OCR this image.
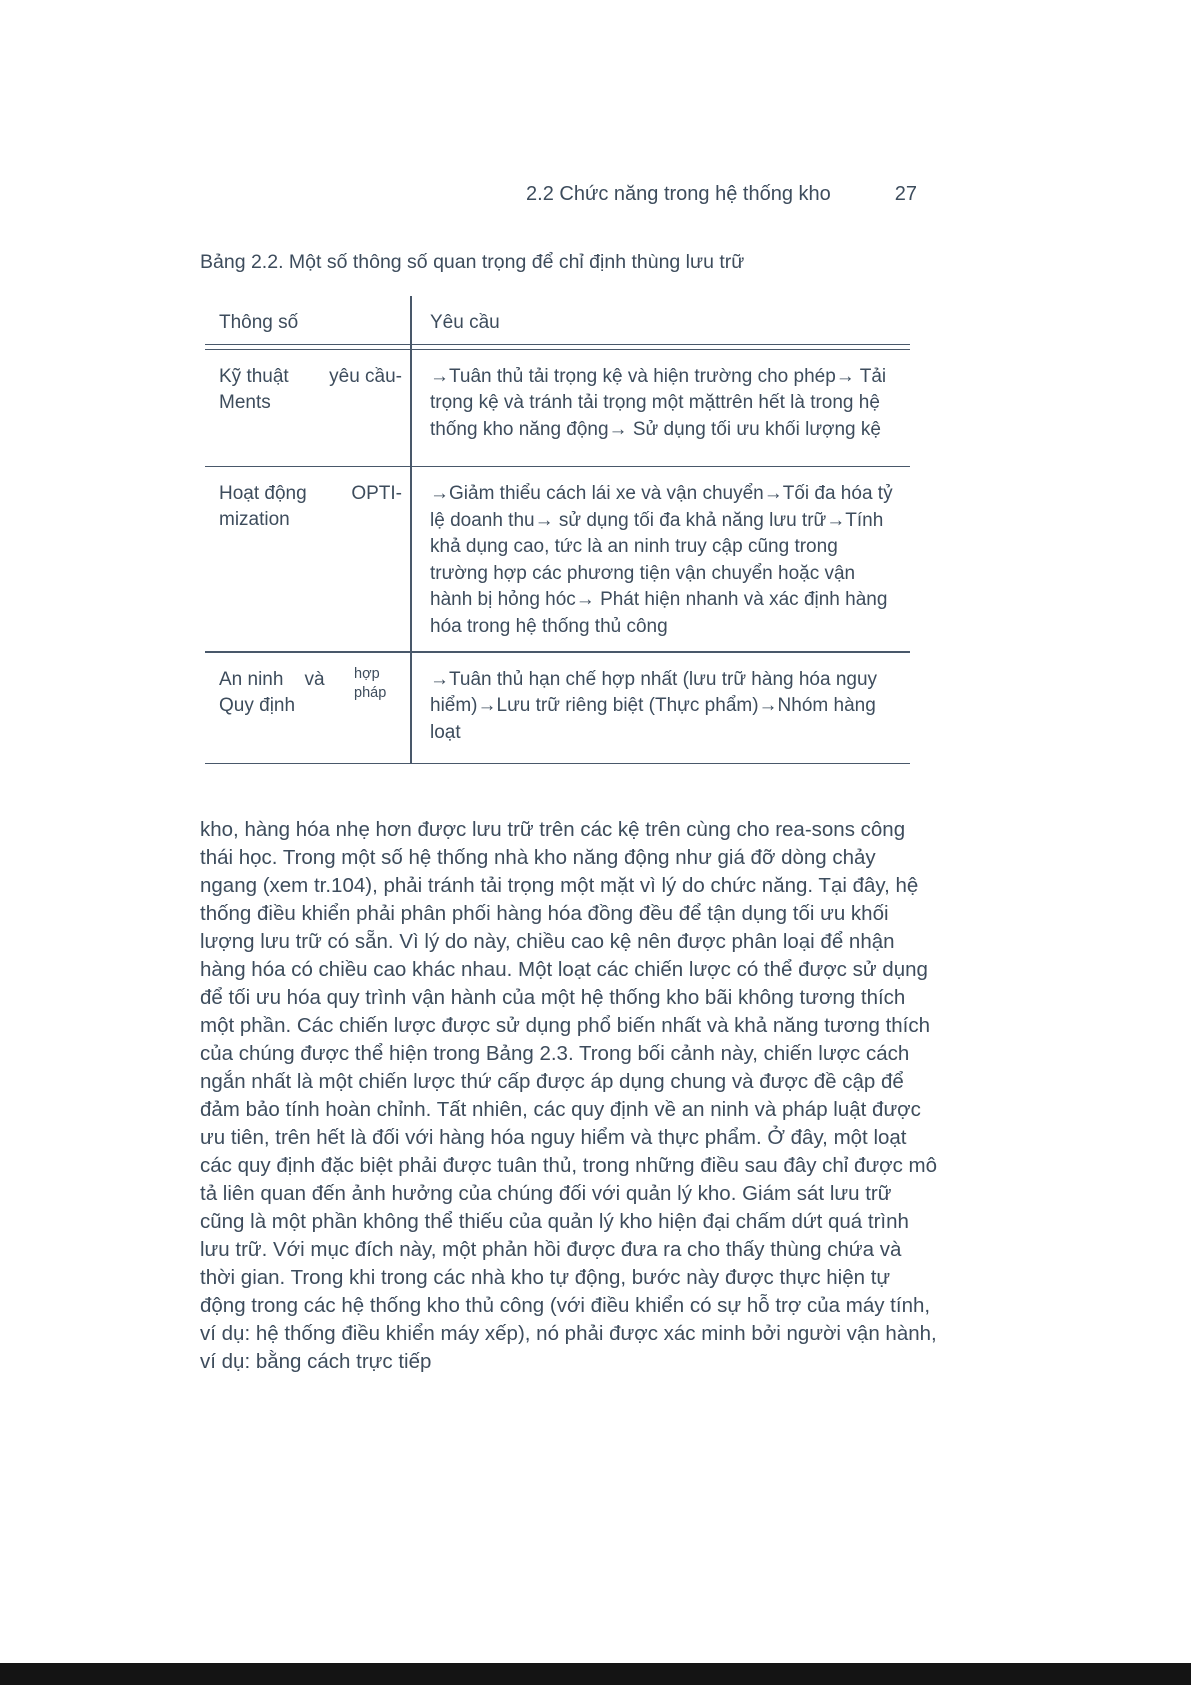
2.2 Chức năng trong hệ thống kho	27
Bảng 2.2. Một số thông số quan trọng để chỉ định thùng lưu trữ
Thông số	Yêu cầu
Kỹ thuật yêu cầu-
Ments
→Tuân thủ tải trọng kệ và hiện trường cho phép→ Tải trọng kệ và tránh tải trọng một mặttrên hết là trong hệ thống kho năng động→ Sử dụng tối ưu khối lượng kệ
Hoạt động OPTI-
mization
→Giảm thiểu cách lái xe và vận chuyển→Tối đa hóa tỷ lệ doanh thu→ sử dụng tối đa khả năng lưu trữ→Tính khả dụng cao, tức là an ninh truy cập cũng trong trường hợp các phương tiện vận chuyển hoặc vận hành bị hỏng hóc→ Phát hiện nhanh và xác định hàng hóa trong hệ thống thủ công
An ninh    và
Quy định
hợp pháp
→Tuân thủ hạn chế hợp nhất (lưu trữ hàng hóa nguy hiểm)→Lưu trữ riêng biệt (Thực phẩm)→Nhóm hàng loạt
kho, hàng hóa nhẹ hơn được lưu trữ trên các kệ trên cùng cho rea-sons công thái học. Trong một số hệ thống nhà kho năng động như giá đỡ dòng chảy ngang (xem tr.104), phải tránh tải trọng một mặt vì lý do chức năng. Tại đây, hệ thống điều khiển phải phân phối hàng hóa đồng đều để tận dụng tối ưu khối lượng lưu trữ có sẵn. Vì lý do này, chiều cao kệ nên được phân loại để nhận hàng hóa có chiều cao khác nhau. Một loạt các chiến lược có thể được sử dụng để tối ưu hóa quy trình vận hành của một hệ thống kho bãi không tương thích một phần. Các chiến lược được sử dụng phổ biến nhất và khả năng tương thích của chúng được thể hiện trong Bảng 2.3. Trong bối cảnh này, chiến lược cách ngắn nhất là một chiến lược thứ cấp được áp dụng chung và được đề cập để đảm bảo tính hoàn chỉnh. Tất nhiên, các quy định về an ninh và pháp luật được ưu tiên, trên hết là đối với hàng hóa nguy hiểm và thực phẩm. Ở đây, một loạt các quy định đặc biệt phải được tuân thủ, trong những điều sau đây chỉ được mô tả liên quan đến ảnh hưởng của chúng đối với quản lý kho. Giám sát lưu trữ cũng là một phần không thể thiếu của quản lý kho hiện đại chấm dứt quá trình lưu trữ. Với mục đích này, một phản hồi được đưa ra cho thấy thùng chứa và thời gian. Trong khi trong các nhà kho tự động, bước này được thực hiện tự động trong các hệ thống kho thủ công (với điều khiển có sự hỗ trợ của máy tính, ví dụ: hệ thống điều khiển máy xếp), nó phải được xác minh bởi người vận hành, ví dụ: bằng cách trực tiếp
